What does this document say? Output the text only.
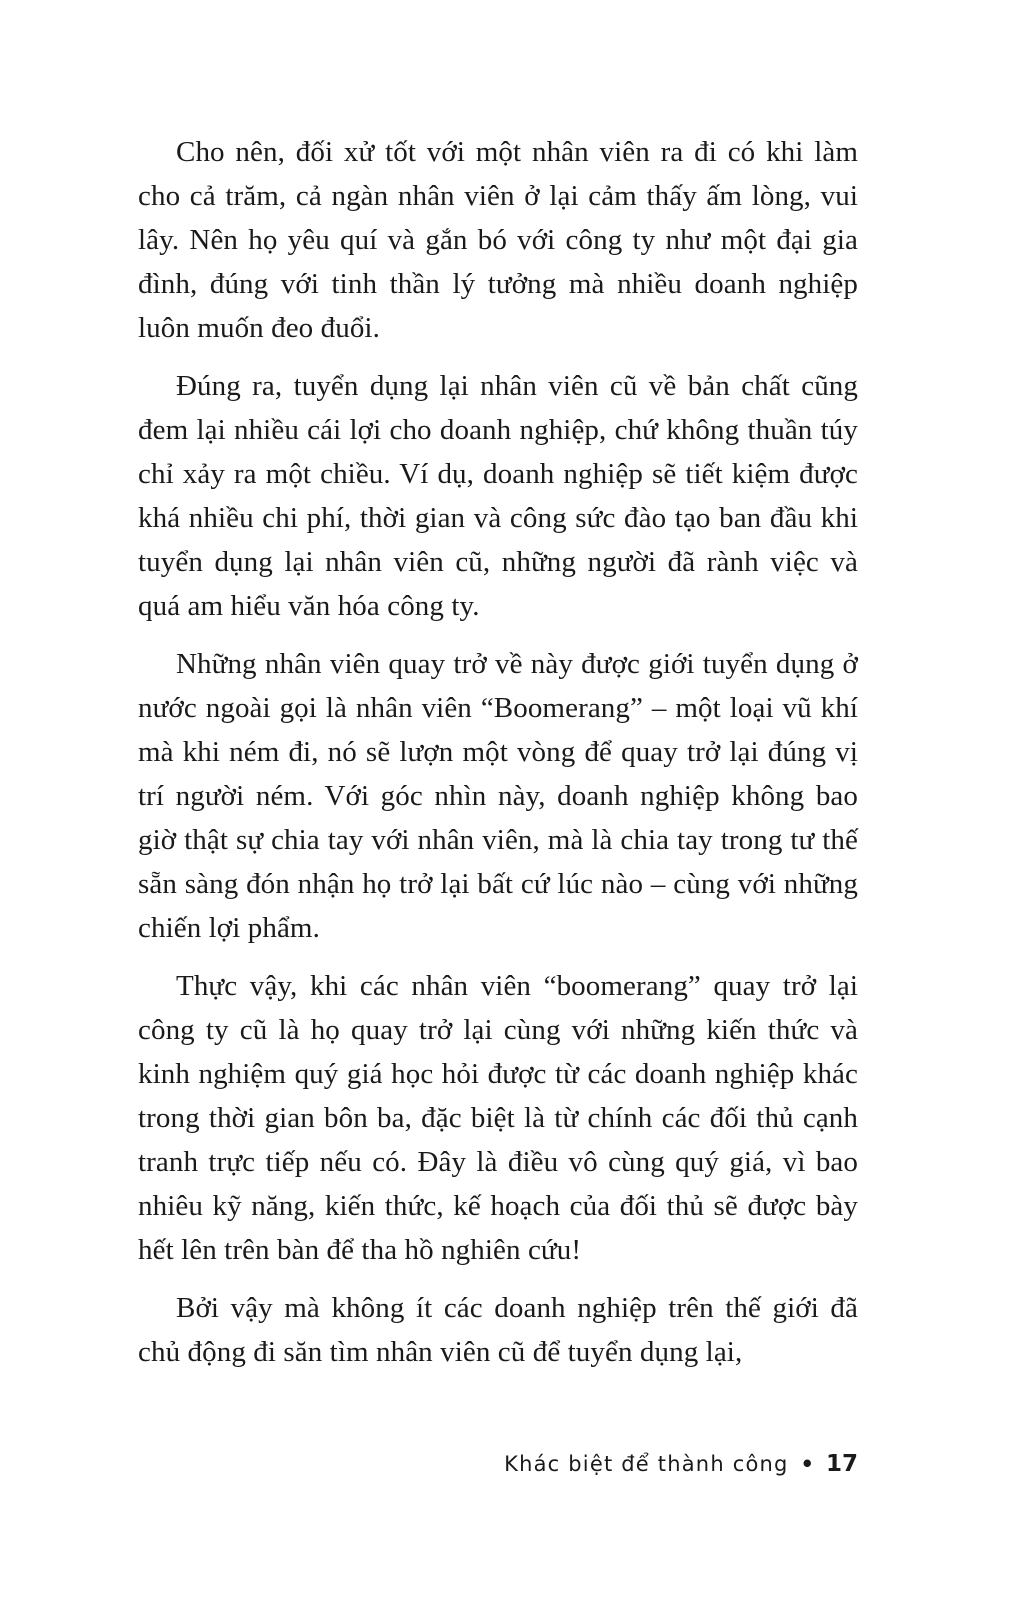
Cho nên, đối xử tốt với một nhân viên ra đi có khi làm cho cả trăm, cả ngàn nhân viên ở lại cảm thấy ấm lòng, vui lây. Nên họ yêu quí và gắn bó với công ty như một đại gia đình, đúng với tinh thần lý tưởng mà nhiều doanh nghiệp luôn muốn đeo đuổi.

Đúng ra, tuyển dụng lại nhân viên cũ về bản chất cũng đem lại nhiều cái lợi cho doanh nghiệp, chứ không thuần túy chỉ xảy ra một chiều. Ví dụ, doanh nghiệp sẽ tiết kiệm được khá nhiều chi phí, thời gian và công sức đào tạo ban đầu khi tuyển dụng lại nhân viên cũ, những người đã rành việc và quá am hiểu văn hóa công ty.

Những nhân viên quay trở về này được giới tuyển dụng ở nước ngoài gọi là nhân viên “Boomerang” – một loại vũ khí mà khi ném đi, nó sẽ lượn một vòng để quay trở lại đúng vị trí người ném. Với góc nhìn này, doanh nghiệp không bao giờ thật sự chia tay với nhân viên, mà là chia tay trong tư thế sẵn sàng đón nhận họ trở lại bất cứ lúc nào – cùng với những chiến lợi phẩm.

Thực vậy, khi các nhân viên “boomerang” quay trở lại công ty cũ là họ quay trở lại cùng với những kiến thức và kinh nghiệm quý giá học hỏi được từ các doanh nghiệp khác trong thời gian bôn ba, đặc biệt là từ chính các đối thủ cạnh tranh trực tiếp nếu có. Đây là điều vô cùng quý giá, vì bao nhiêu kỹ năng, kiến thức, kế hoạch của đối thủ sẽ được bày hết lên trên bàn để tha hồ nghiên cứu!

Bởi vậy mà không ít các doanh nghiệp trên thế giới đã chủ động đi săn tìm nhân viên cũ để tuyển dụng lại,

Khác biệt để thành công • 17
